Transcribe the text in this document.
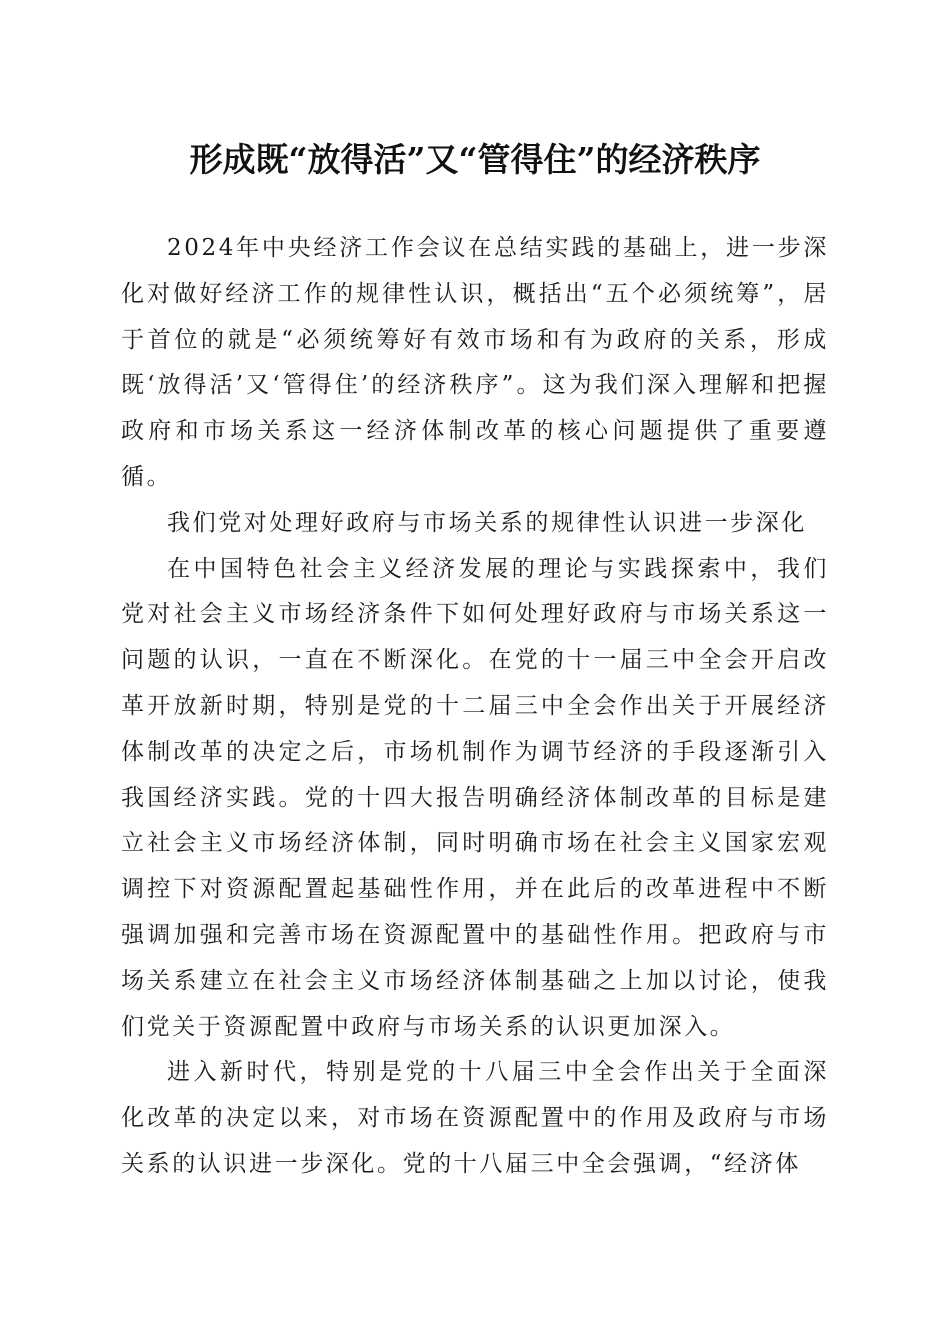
形成既“放得活”又“管得住”的经济秩序

2024年中央经济工作会议在总结实践的基础上，进一步深化对做好经济工作的规律性认识，概括出“五个必须统筹”，居于首位的就是“必须统筹好有效市场和有为政府的关系，形成既‘放得活’又‘管得住’的经济秩序”。这为我们深入理解和把握政府和市场关系这一经济体制改革的核心问题提供了重要遵循。

我们党对处理好政府与市场关系的规律性认识进一步深化

在中国特色社会主义经济发展的理论与实践探索中，我们党对社会主义市场经济条件下如何处理好政府与市场关系这一问题的认识，一直在不断深化。在党的十一届三中全会开启改革开放新时期，特别是党的十二届三中全会作出关于开展经济体制改革的决定之后，市场机制作为调节经济的手段逐渐引入我国经济实践。党的十四大报告明确经济体制改革的目标是建立社会主义市场经济体制，同时明确市场在社会主义国家宏观调控下对资源配置起基础性作用，并在此后的改革进程中不断强调加强和完善市场在资源配置中的基础性作用。把政府与市场关系建立在社会主义市场经济体制基础之上加以讨论，使我们党关于资源配置中政府与市场关系的认识更加深入。

进入新时代，特别是党的十八届三中全会作出关于全面深化改革的决定以来，对市场在资源配置中的作用及政府与市场关系的认识进一步深化。党的十八届三中全会强调，“经济体
